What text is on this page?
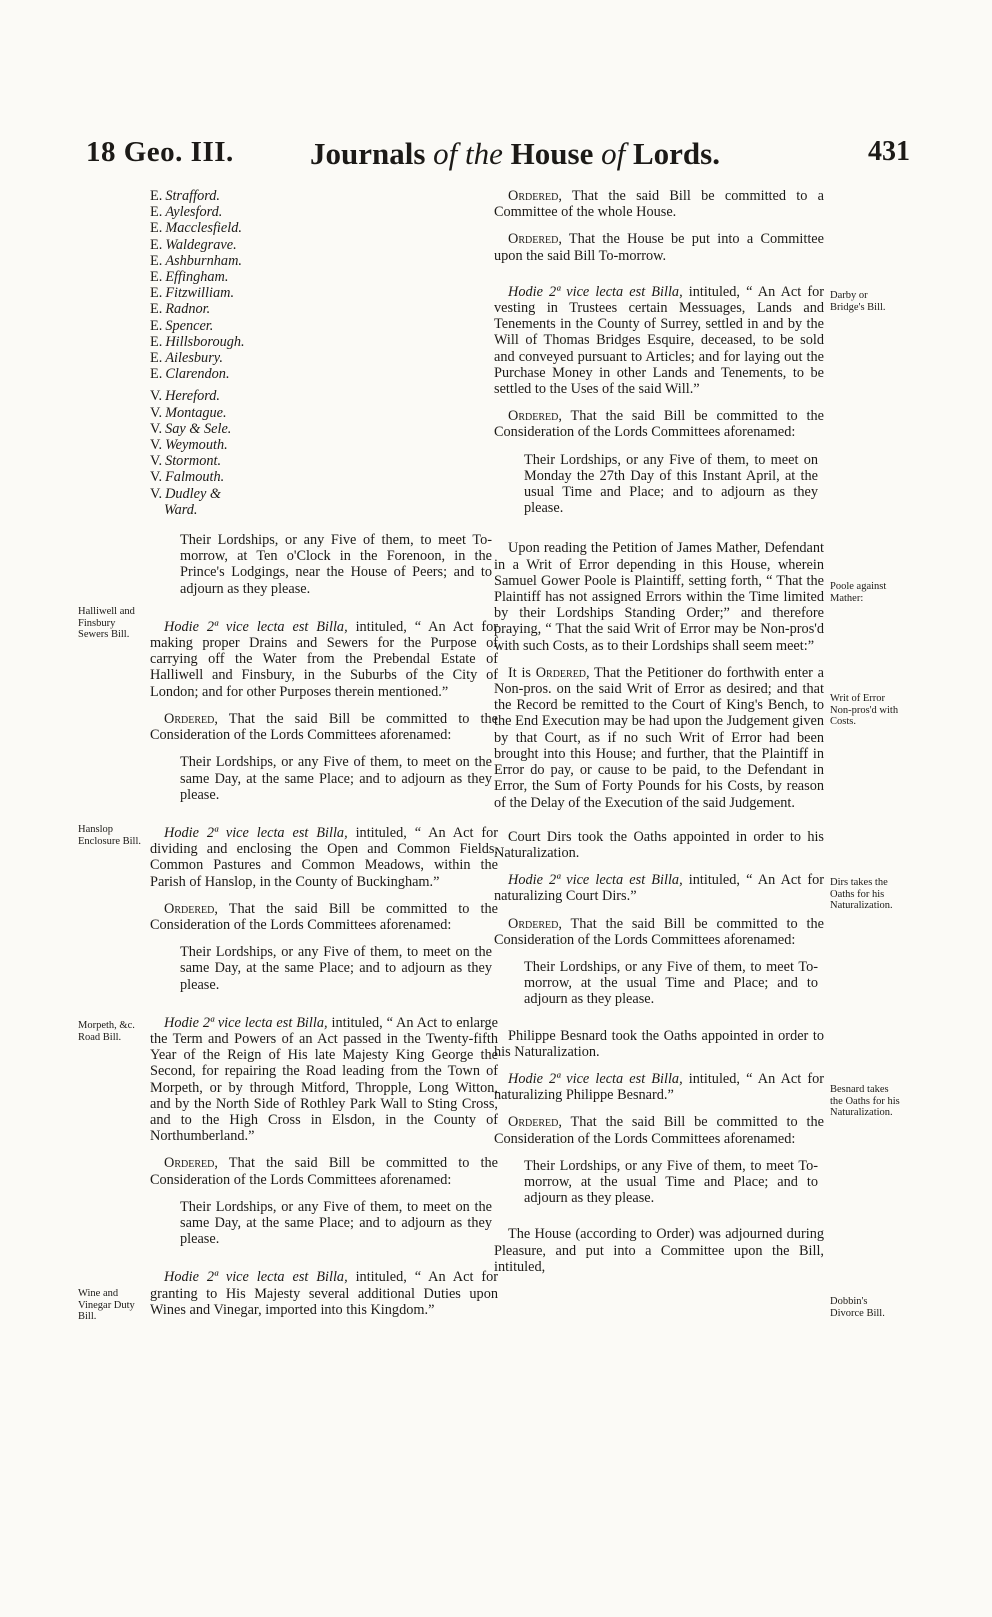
18 Geo. III. Journals of the House of Lords.	431
E. Strafford.
E. Aylesford.
E. Macclesfield.
E. Waldegrave.
E. Ashburnham.
E. Effingham.
E. Fitzwilliam.
E. Radnor.
E. Spencer.
E. Hillsborough.
E. Ailesbury.
E. Clarendon.
V. Hereford.
V. Montague.
V. Say & Sele.
V. Weymouth.
V. Stormont.
V. Falmouth.
V. Dudley &
Ward.

Their Lordships, or any Five of them, to meet To-morrow, at Ten o'Clock in the Forenoon, in the Prince's Lodgings, near the House of Peers; and to adjourn as they please.

Hodie 2ª vice lecta est Billa, intituled, “ An Act for making proper Drains and Sewers for the Purpose of carrying off the Water from the Prebendal Estate of Halliwell and Finsbury, in the Suburbs of the City of London; and for other Purposes therein mentioned.”

Ordered, That the said Bill be committed to the Consideration of the Lords Committees aforenamed:

Their Lordships, or any Five of them, to meet on the same Day, at the same Place; and to adjourn as they please.

Hodie 2ª vice lecta est Billa, intituled, “ An Act for dividing and enclosing the Open and Common Fields, Common Pastures and Common Meadows, within the Parish of Hanslop, in the County of Buckingham.”

Ordered, That the said Bill be committed to the Consideration of the Lords Committees aforenamed:

Their Lordships, or any Five of them, to meet on the same Day, at the same Place; and to adjourn as they please.

Hodie 2ª vice lecta est Billa, intituled, “ An Act to enlarge the Term and Powers of an Act passed in the Twenty-fifth Year of the Reign of His late Majesty King George the Second, for repairing the Road leading from the Town of Morpeth, or by through Mitford, Thropple, Long Witton, and by the North Side of Rothley Park Wall to Sting Cross, and to the High Cross in Elsdon, in the County of Northumberland.”

Ordered, That the said Bill be committed to the Consideration of the Lords Committees aforenamed:

Their Lordships, or any Five of them, to meet on the same Day, at the same Place; and to adjourn as they please.

Hodie 2ª vice lecta est Billa, intituled, “ An Act for granting to His Majesty several additional Duties upon Wines and Vinegar, imported into this Kingdom.”

Ordered, That the said Bill be committed to a Committee of the whole House.

Ordered, That the House be put into a Committee upon the said Bill To-morrow.

Hodie 2ª vice lecta est Billa, intituled, “ An Act for vesting in Trustees certain Messuages, Lands and Tenements in the County of Surrey, settled in and by the Will of Thomas Bridges Esquire, deceased, to be sold and conveyed pursuant to Articles; and for laying out the Purchase Money in other Lands and Tenements, to be settled to the Uses of the said Will.”

Ordered, That the said Bill be committed to the Consideration of the Lords Committees aforenamed:

Their Lordships, or any Five of them, to meet on Monday the 27th Day of this Instant April, at the usual Time and Place; and to adjourn as they please.

Upon reading the Petition of James Mather, Defendant in a Writ of Error depending in this House, wherein Samuel Gower Poole is Plaintiff, setting forth, “ That the Plaintiff has not assigned Errors within the Time limited by their Lordships Standing Order;” and therefore praying, “ That the said Writ of Error may be Non-pros'd with such Costs, as to their Lordships shall seem meet:”

It is Ordered, That the Petitioner do forthwith enter a Non-pros. on the said Writ of Error as desired; and that the Record be remitted to the Court of King's Bench, to the End Execution may be had upon the Judgement given by that Court, as if no such Writ of Error had been brought into this House; and further, that the Plaintiff in Error do pay, or cause to be paid, to the Defendant in Error, the Sum of Forty Pounds for his Costs, by reason of the Delay of the Execution of the said Judgement.

Court Dirs took the Oaths appointed in order to his Naturalization.

Hodie 2ª vice lecta est Billa, intituled, “ An Act for naturalizing Court Dirs.”

Ordered, That the said Bill be committed to the Consideration of the Lords Committees aforenamed:

Their Lordships, or any Five of them, to meet To-morrow, at the usual Time and Place; and to adjourn as they please.

Philippe Besnard took the Oaths appointed in order to his Naturalization.

Hodie 2ª vice lecta est Billa, intituled, “ An Act for naturalizing Philippe Besnard.”

Ordered, That the said Bill be committed to the Consideration of the Lords Committees aforenamed:

Their Lordships, or any Five of them, to meet To-morrow, at the usual Time and Place; and to adjourn as they please.

The House (according to Order) was adjourned during Pleasure, and put into a Committee upon the Bill, intituled,

Halliwell and Finsbury Sewers Bill.
Hanslop Enclosure Bill.
Morpeth, &c. Road Bill.
Wine and Vinegar Duty Bill.
Darby or Bridge's Bill.
Poole against Mather:
Writ of Error Non-pros'd with Costs.
Dirs takes the Oaths for his Naturalization.
Besnard takes the Oaths for his Naturalization.
Dobbin's Divorce Bill.
